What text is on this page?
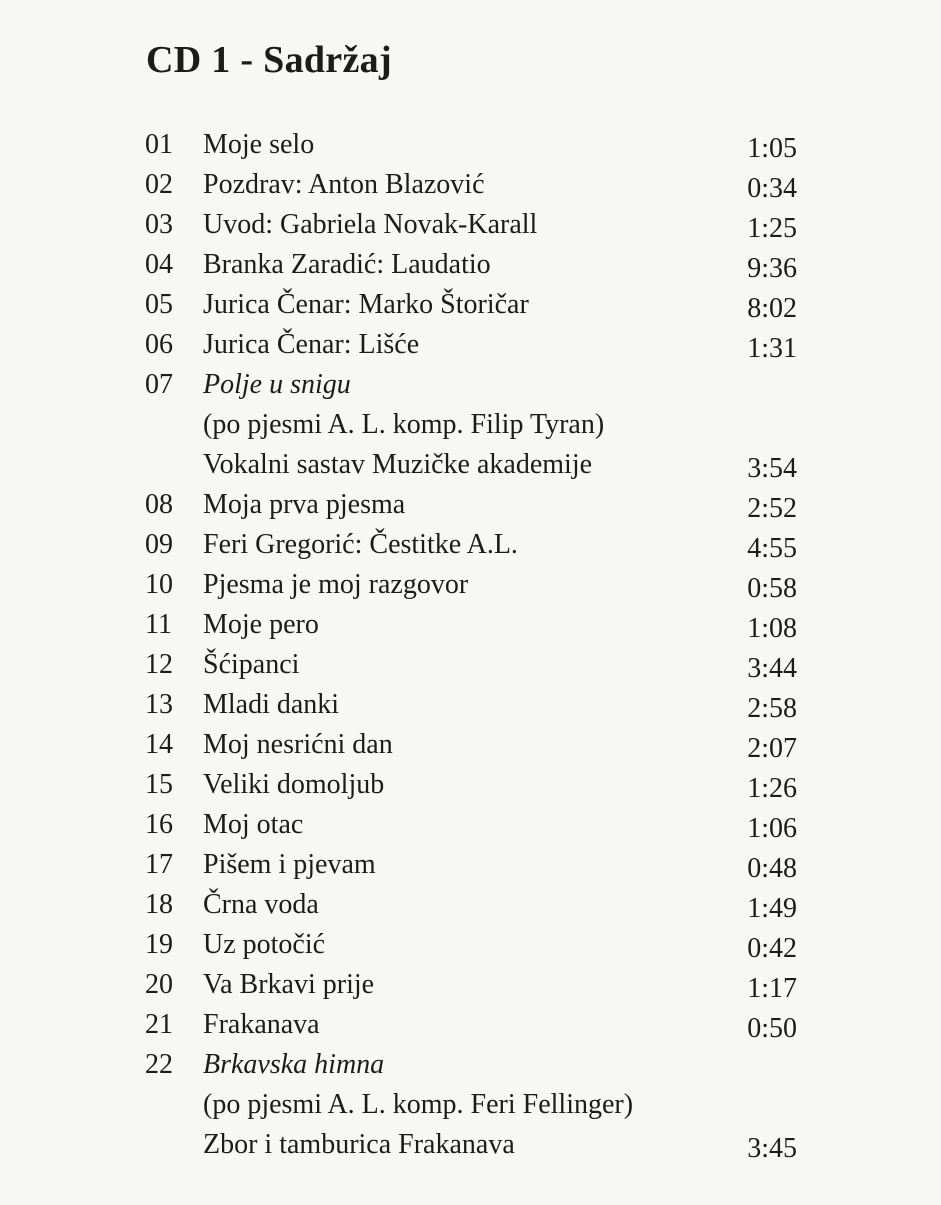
CD 1 - Sadržaj
01	Moje selo	1:05
02	Pozdrav: Anton Blazović	0:34
03	Uvod: Gabriela Novak-Karall	1:25
04	Branka Zaradić: Laudatio	9:36
05	Jurica Čenar: Marko Štoričar	8:02
06	Jurica Čenar: Lišće	1:31
07	Polje u snigu
(po pjesmi A. L. komp. Filip Tyran)
Vokalni sastav Muzičke akademije	3:54
08	Moja prva pjesma	2:52
09	Feri Gregorić: Čestitke A.L.	4:55
10	Pjesma je moj razgovor	0:58
11	Moje pero	1:08
12	Šćipanci	3:44
13	Mladi danki	2:58
14	Moj nesrićni dan	2:07
15	Veliki domoljub	1:26
16	Moj otac	1:06
17	Pišem i pjevam	0:48
18	Črna voda	1:49
19	Uz potočić	0:42
20	Va Brkavi prije	1:17
21	Frakanava	0:50
22	Brkavska himna
(po pjesmi A. L. komp. Feri Fellinger)
Zbor i tamburica Frakanava	3:45
